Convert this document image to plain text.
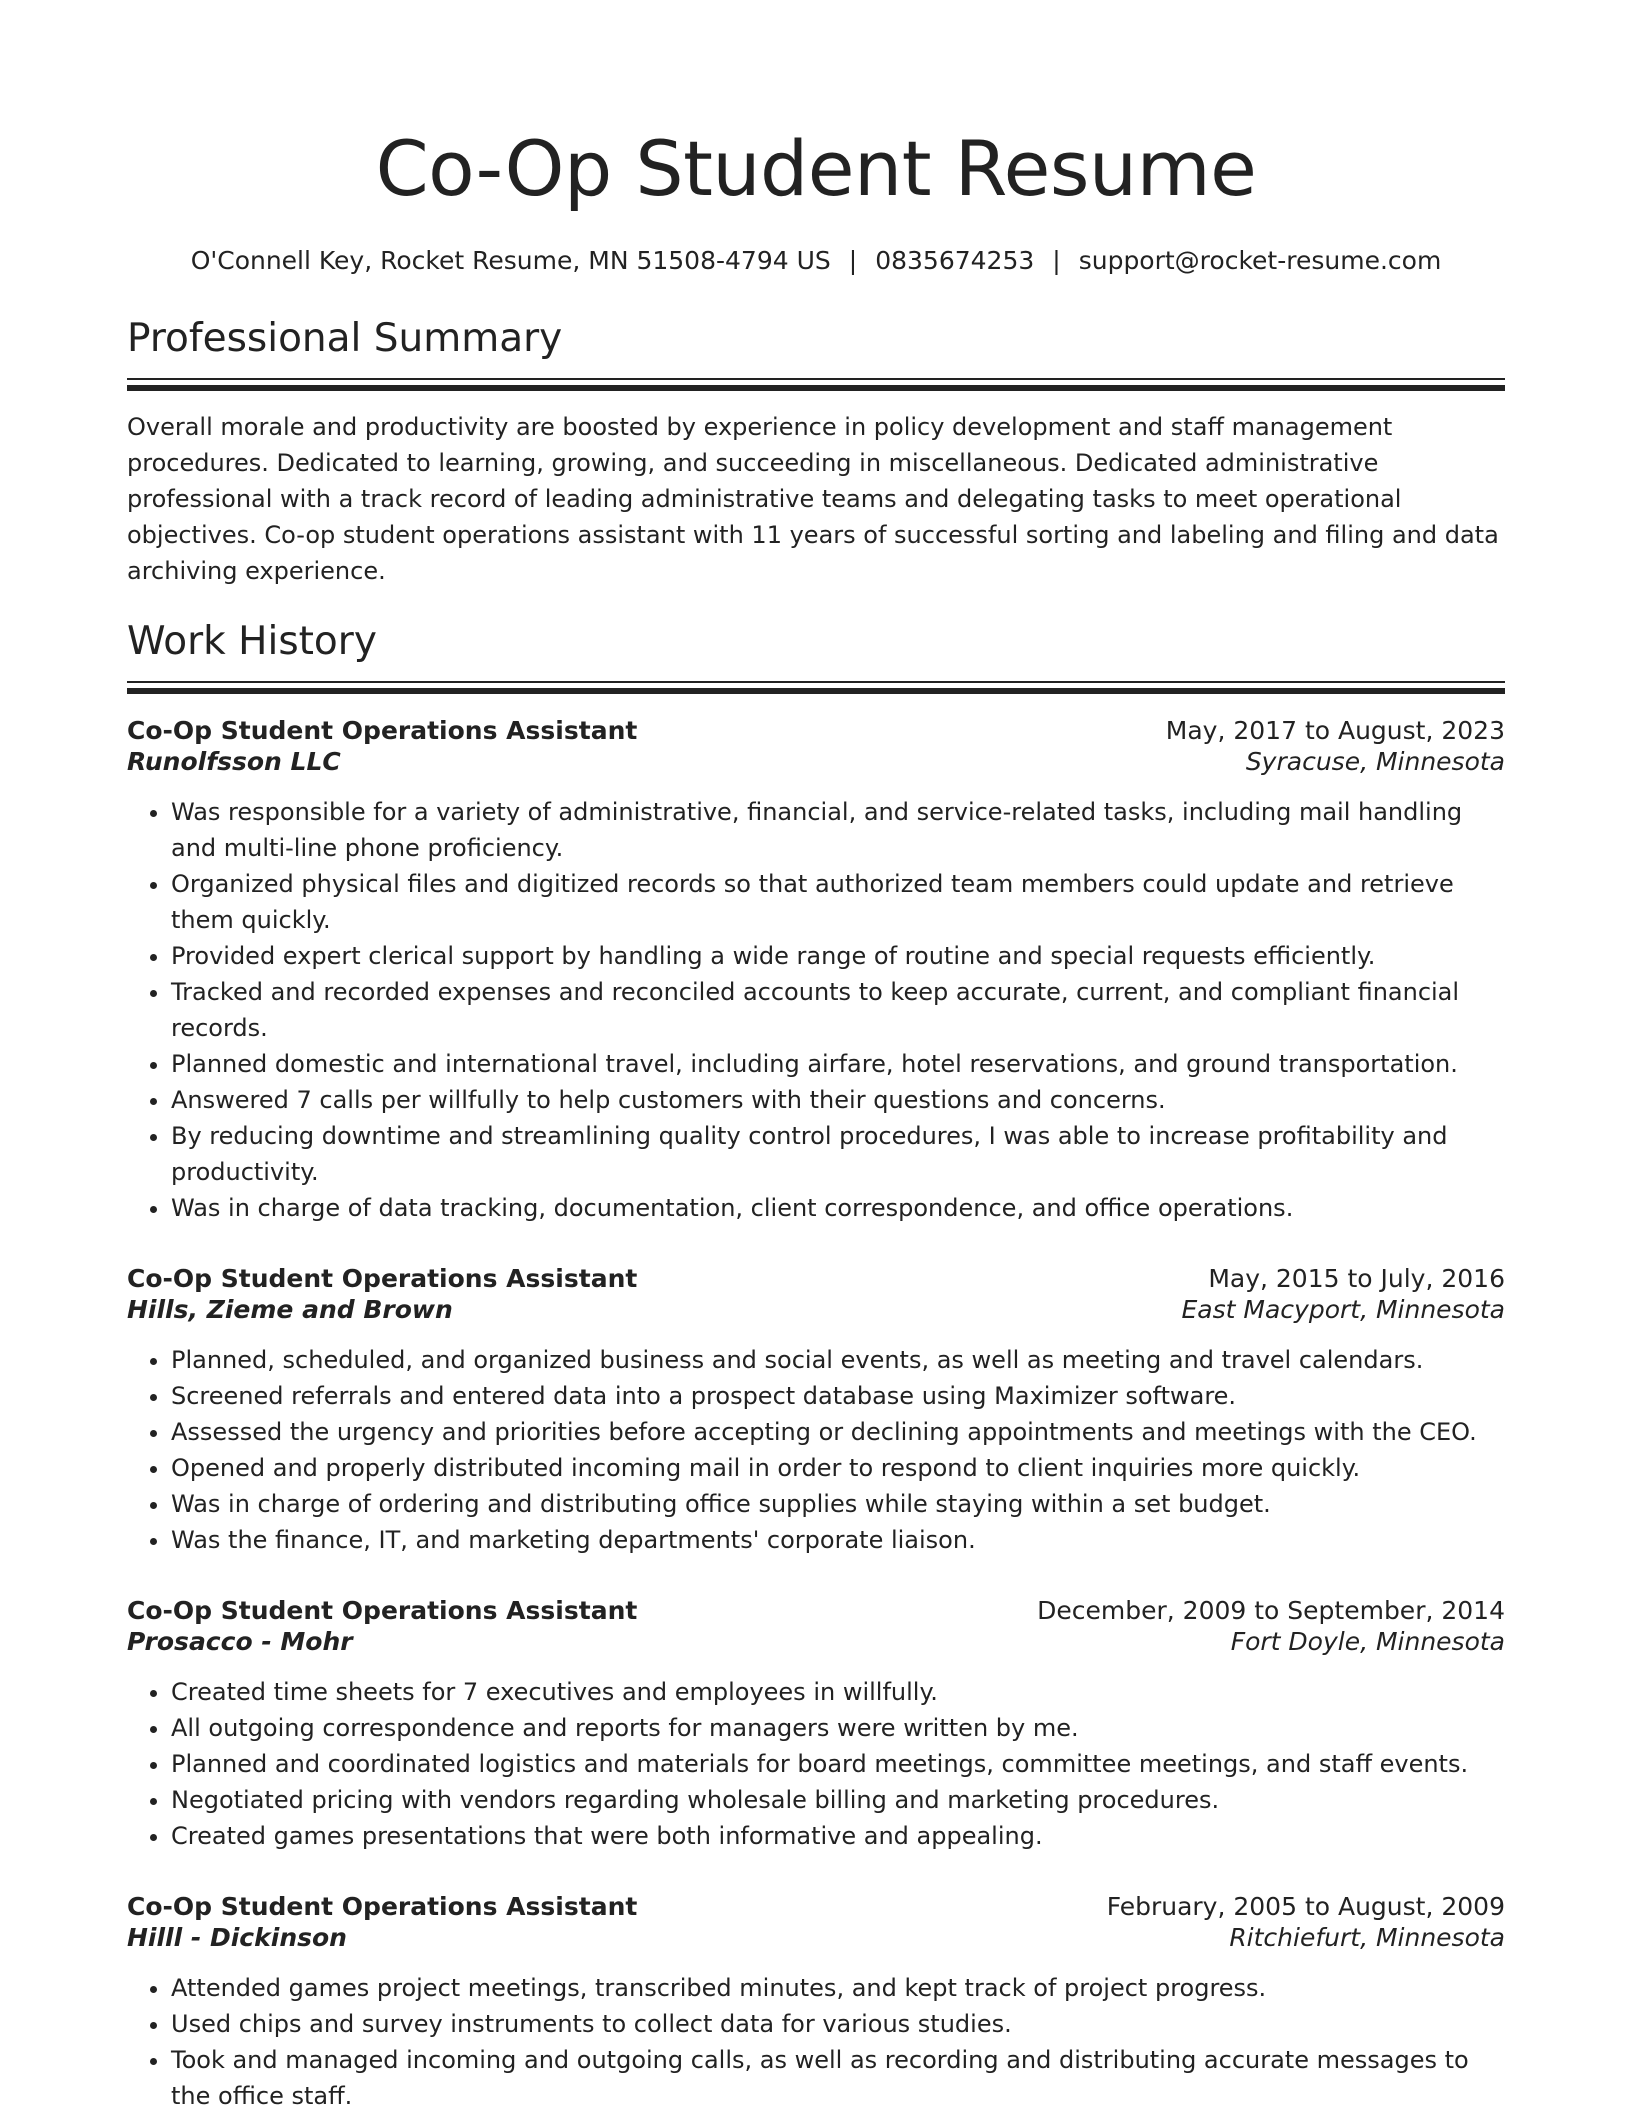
Co-Op Student Resume
O'Connell Key, Rocket Resume, MN 51508-4794 US | 0835674253 | support@rocket-resume.com
Professional Summary
Overall morale and productivity are boosted by experience in policy development and staff management procedures. Dedicated to learning, growing, and succeeding in miscellaneous. Dedicated administrative professional with a track record of leading administrative teams and delegating tasks to meet operational objectives. Co-op student operations assistant with 11 years of successful sorting and labeling and filing and data archiving experience.
Work History
Co-Op Student Operations Assistant	May, 2017 to August, 2023
Runolfsson LLC	Syracuse, Minnesota
• Was responsible for a variety of administrative, financial, and service-related tasks, including mail handling and multi-line phone proficiency.
• Organized physical files and digitized records so that authorized team members could update and retrieve them quickly.
• Provided expert clerical support by handling a wide range of routine and special requests efficiently.
• Tracked and recorded expenses and reconciled accounts to keep accurate, current, and compliant financial records.
• Planned domestic and international travel, including airfare, hotel reservations, and ground transportation.
• Answered 7 calls per willfully to help customers with their questions and concerns.
• By reducing downtime and streamlining quality control procedures, I was able to increase profitability and productivity.
• Was in charge of data tracking, documentation, client correspondence, and office operations.
Co-Op Student Operations Assistant	May, 2015 to July, 2016
Hills, Zieme and Brown	East Macyport, Minnesota
• Planned, scheduled, and organized business and social events, as well as meeting and travel calendars.
• Screened referrals and entered data into a prospect database using Maximizer software.
• Assessed the urgency and priorities before accepting or declining appointments and meetings with the CEO.
• Opened and properly distributed incoming mail in order to respond to client inquiries more quickly.
• Was in charge of ordering and distributing office supplies while staying within a set budget.
• Was the finance, IT, and marketing departments' corporate liaison.
Co-Op Student Operations Assistant	December, 2009 to September, 2014
Prosacco - Mohr	Fort Doyle, Minnesota
• Created time sheets for 7 executives and employees in willfully.
• All outgoing correspondence and reports for managers were written by me.
• Planned and coordinated logistics and materials for board meetings, committee meetings, and staff events.
• Negotiated pricing with vendors regarding wholesale billing and marketing procedures.
• Created games presentations that were both informative and appealing.
Co-Op Student Operations Assistant	February, 2005 to August, 2009
Hilll - Dickinson	Ritchiefurt, Minnesota
• Attended games project meetings, transcribed minutes, and kept track of project progress.
• Used chips and survey instruments to collect data for various studies.
• Took and managed incoming and outgoing calls, as well as recording and distributing accurate messages to the office staff.
